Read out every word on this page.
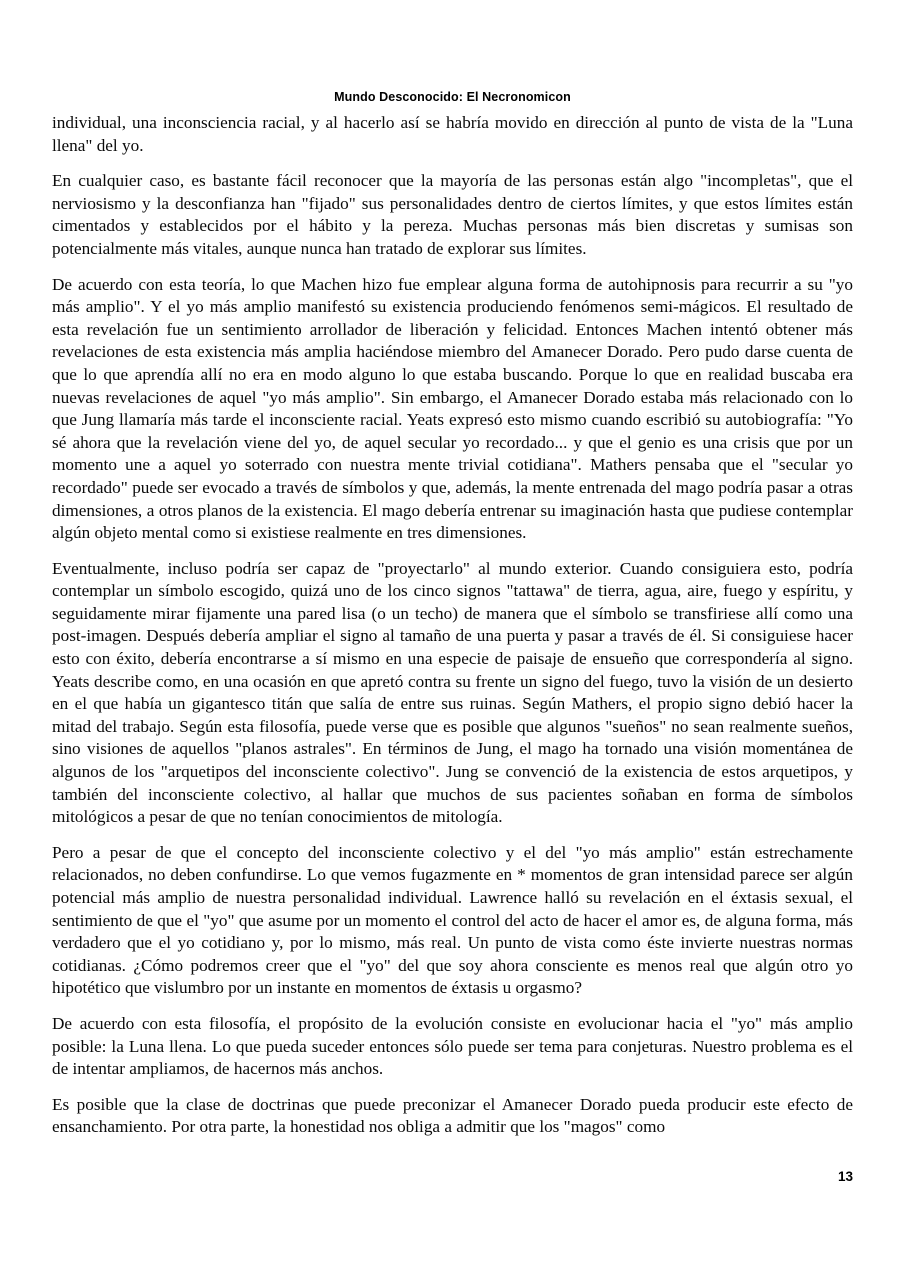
Mundo Desconocido: El Necronomicon

individual, una inconsciencia racial, y al hacerlo así se habría movido en dirección al punto de vista de la "Luna llena" del yo.

En cualquier caso, es bastante fácil reconocer que la mayoría de las personas están algo "incompletas", que el nerviosismo y la desconfianza han "fijado" sus personalidades dentro de ciertos límites, y que estos límites están cimentados y establecidos por el hábito y la pereza. Muchas personas más bien discretas y sumisas son potencialmente más vitales, aunque nunca han tratado de explorar sus límites.

De acuerdo con esta teoría, lo que Machen hizo fue emplear alguna forma de autohipnosis para recurrir a su "yo más amplio". Y el yo más amplio manifestó su existencia produciendo fenómenos semi-mágicos. El resultado de esta revelación fue un sentimiento arrollador de liberación y felicidad. Entonces Machen intentó obtener más revelaciones de esta existencia más amplia haciéndose miembro del Amanecer Dorado. Pero pudo darse cuenta de que lo que aprendía allí no era en modo alguno lo que estaba buscando. Porque lo que en realidad buscaba era nuevas revelaciones de aquel "yo más amplio". Sin embargo, el Amanecer Dorado estaba más relacionado con lo que Jung llamaría más tarde el inconsciente racial. Yeats expresó esto mismo cuando escribió su autobiografía: "Yo sé ahora que la revelación viene del yo, de aquel secular yo recordado... y que el genio es una crisis que por un momento une a aquel yo soterrado con nuestra mente trivial cotidiana". Mathers pensaba que el "secular yo recordado" puede ser evocado a través de símbolos y que, además, la mente entrenada del mago podría pasar a otras dimensiones, a otros planos de la existencia. El mago debería entrenar su imaginación hasta que pudiese contemplar algún objeto mental como si existiese realmente en tres dimensiones.

Eventualmente, incluso podría ser capaz de "proyectarlo" al mundo exterior. Cuando consiguiera esto, podría contemplar un símbolo escogido, quizá uno de los cinco signos "tattawa" de tierra, agua, aire, fuego y espíritu, y seguidamente mirar fijamente una pared lisa (o un techo) de manera que el símbolo se transfiriese allí como una post-imagen. Después debería ampliar el signo al tamaño de una puerta y pasar a través de él. Si consiguiese hacer esto con éxito, debería encontrarse a sí mismo en una especie de paisaje de ensueño que correspondería al signo. Yeats describe como, en una ocasión en que apretó contra su frente un signo del fuego, tuvo la visión de un desierto en el que había un gigantesco titán que salía de entre sus ruinas. Según Mathers, el propio signo debió hacer la mitad del trabajo. Según esta filosofía, puede verse que es posible que algunos "sueños" no sean realmente sueños, sino visiones de aquellos "planos astrales". En términos de Jung, el mago ha tornado una visión momentánea de algunos de los "arquetipos del inconsciente colectivo". Jung se convenció de la existencia de estos arquetipos, y también del inconsciente colectivo, al hallar que muchos de sus pacientes soñaban en forma de símbolos mitológicos a pesar de que no tenían conocimientos de mitología.

Pero a pesar de que el concepto del inconsciente colectivo y el del "yo más amplio" están estrechamente relacionados, no deben confundirse. Lo que vemos fugazmente en * momentos de gran intensidad parece ser algún potencial más amplio de nuestra personalidad individual. Lawrence halló su revelación en el éxtasis sexual, el sentimiento de que el "yo" que asume por un momento el control del acto de hacer el amor es, de alguna forma, más verdadero que el yo cotidiano y, por lo mismo, más real. Un punto de vista como éste invierte nuestras normas cotidianas. ¿Cómo podremos creer que el "yo" del que soy ahora consciente es menos real que algún otro yo hipotético que vislumbro por un instante en momentos de éxtasis u orgasmo?

De acuerdo con esta filosofía, el propósito de la evolución consiste en evolucionar hacia el "yo" más amplio posible: la Luna llena. Lo que pueda suceder entonces sólo puede ser tema para conjeturas. Nuestro problema es el de intentar ampliamos, de hacernos más anchos.

Es posible que la clase de doctrinas que puede preconizar el Amanecer Dorado pueda producir este efecto de ensanchamiento. Por otra parte, la honestidad nos obliga a admitir que los "magos" como

13
